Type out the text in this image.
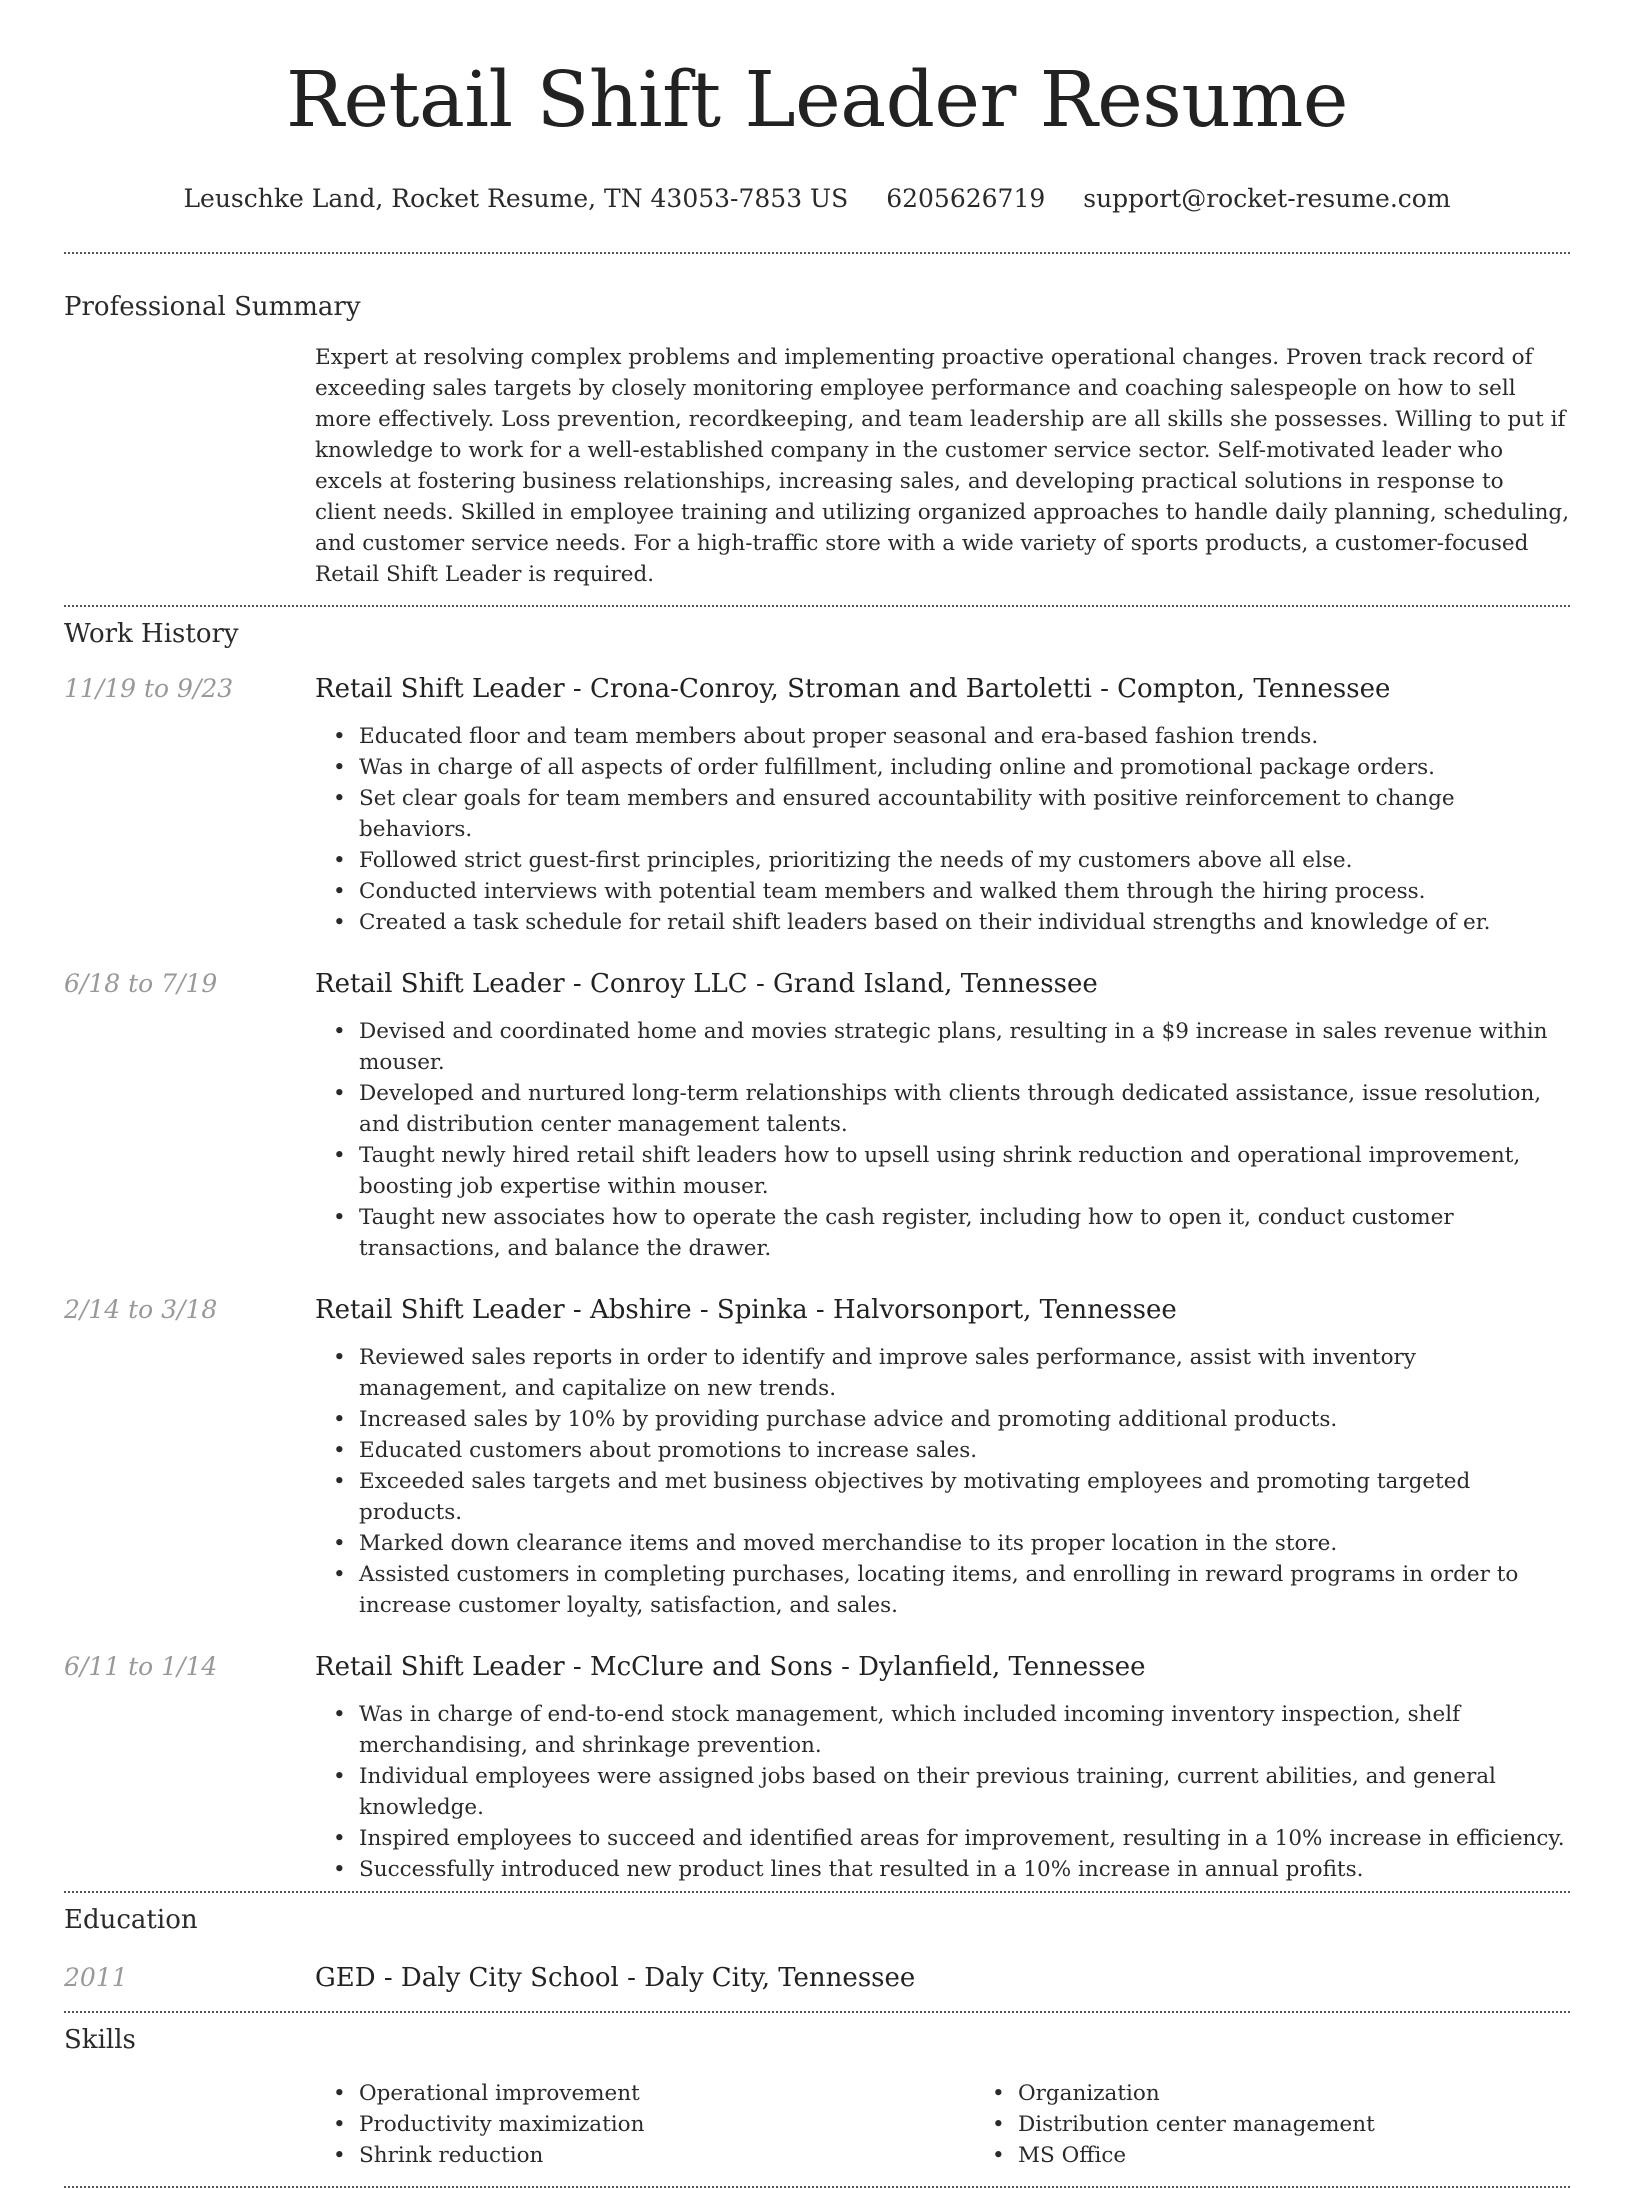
Retail Shift Leader Resume
Leuschke Land, Rocket Resume, TN 43053-7853 US 6205626719 support@rocket-resume.com
Professional Summary

Expert at resolving complex problems and implementing proactive operational changes. Proven track record of exceeding sales targets by closely monitoring employee performance and coaching salespeople on how to sell more effectively. Loss prevention, recordkeeping, and team leadership are all skills she possesses. Willing to put if knowledge to work for a well-established company in the customer service sector. Self-motivated leader who excels at fostering business relationships, increasing sales, and developing practical solutions in response to client needs. Skilled in employee training and utilizing organized approaches to handle daily planning, scheduling, and customer service needs. For a high-traffic store with a wide variety of sports products, a customer-focused Retail Shift Leader is required.

Work History
11/19 to 9/23	Retail Shift Leader - Crona-Conroy, Stroman and Bartoletti - Compton, Tennessee
• Educated floor and team members about proper seasonal and era-based fashion trends.
• Was in charge of all aspects of order fulfillment, including online and promotional package orders.
• Set clear goals for team members and ensured accountability with positive reinforcement to change behaviors.
• Followed strict guest-first principles, prioritizing the needs of my customers above all else.
• Conducted interviews with potential team members and walked them through the hiring process.
• Created a task schedule for retail shift leaders based on their individual strengths and knowledge of er.
6/18 to 7/19	Retail Shift Leader - Conroy LLC - Grand Island, Tennessee
• Devised and coordinated home and movies strategic plans, resulting in a $9 increase in sales revenue within mouser.
• Developed and nurtured long-term relationships with clients through dedicated assistance, issue resolution, and distribution center management talents.
• Taught newly hired retail shift leaders how to upsell using shrink reduction and operational improvement, boosting job expertise within mouser.
• Taught new associates how to operate the cash register, including how to open it, conduct customer transactions, and balance the drawer.
2/14 to 3/18	Retail Shift Leader - Abshire - Spinka - Halvorsonport, Tennessee
• Reviewed sales reports in order to identify and improve sales performance, assist with inventory management, and capitalize on new trends.
• Increased sales by 10% by providing purchase advice and promoting additional products.
• Educated customers about promotions to increase sales.
• Exceeded sales targets and met business objectives by motivating employees and promoting targeted products.
• Marked down clearance items and moved merchandise to its proper location in the store.
• Assisted customers in completing purchases, locating items, and enrolling in reward programs in order to increase customer loyalty, satisfaction, and sales.
6/11 to 1/14	Retail Shift Leader - McClure and Sons - Dylanfield, Tennessee
• Was in charge of end-to-end stock management, which included incoming inventory inspection, shelf merchandising, and shrinkage prevention.
• Individual employees were assigned jobs based on their previous training, current abilities, and general knowledge.
• Inspired employees to succeed and identified areas for improvement, resulting in a 10% increase in efficiency.
• Successfully introduced new product lines that resulted in a 10% increase in annual profits.
Education
2011	GED - Daly City School - Daly City, Tennessee
Skills
• Operational improvement
• Productivity maximization
• Shrink reduction
• Organization
• Distribution center management
• MS Office
